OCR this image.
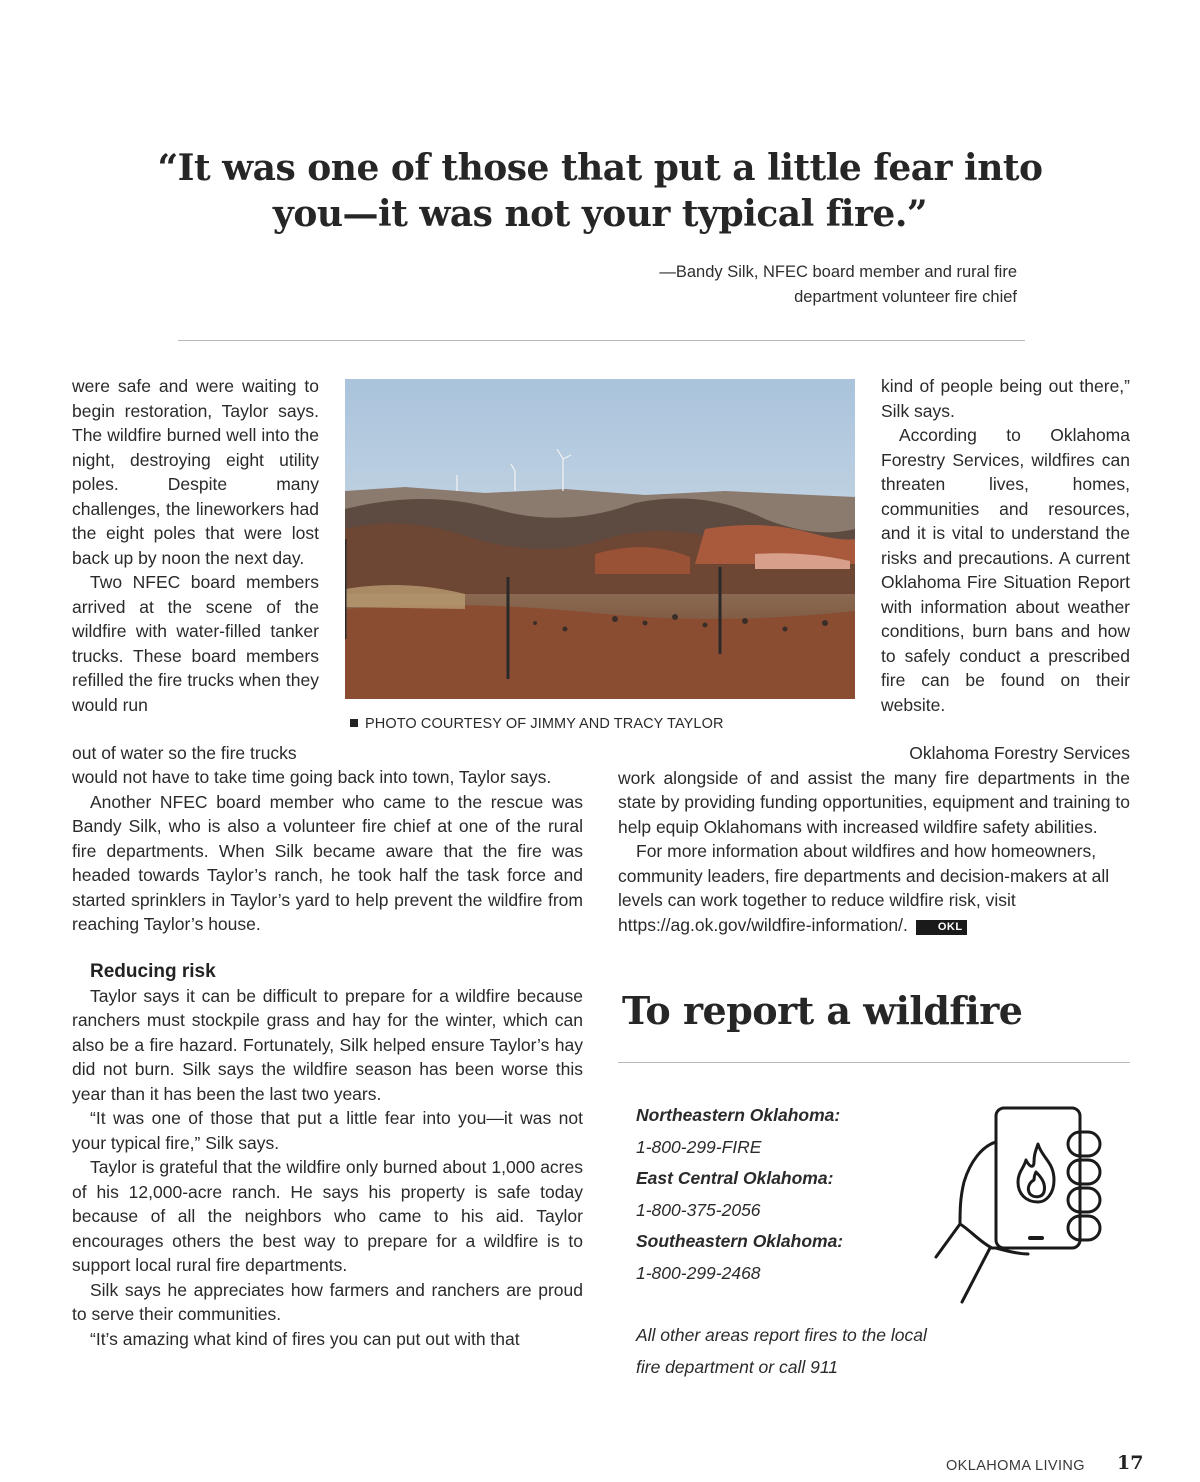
“It was one of those that put a little fear into you—it was not your typical fire.”
—Bandy Silk, NFEC board member and rural fire
department volunteer fire chief

were safe and were waiting to begin restoration, Taylor says. The wildfire burned well into the night, destroying eight utility poles. Despite many challenges, the lineworkers had the eight poles that were lost back up by noon the next day.

Two NFEC board members arrived at the scene of the wildfire with water-filled tanker trucks. These board members refilled the fire trucks when they would run

out of water so the fire trucks

would not have to take time going back into town, Taylor says.

Another NFEC board member who came to the rescue was Bandy Silk, who is also a volunteer fire chief at one of the rural fire departments. When Silk became aware that the fire was headed towards Taylor’s ranch, he took half the task force and started sprinklers in Taylor’s yard to help prevent the wildfire from reaching Taylor’s house.

Reducing risk

Taylor says it can be difficult to prepare for a wildfire because ranchers must stockpile grass and hay for the winter, which can also be a fire hazard. Fortunately, Silk helped ensure Taylor’s hay did not burn. Silk says the wildfire season has been worse this year than it has been the last two years.

“It was one of those that put a little fear into you—it was not your typical fire,” Silk says.

Taylor is grateful that the wildfire only burned about 1,000 acres of his 12,000-acre ranch. He says his property is safe today because of all the neighbors who came to his aid. Taylor encourages others the best way to prepare for a wildfire is to support local rural fire departments.

Silk says he appreciates how farmers and ranchers are proud to serve their communities.

“It’s amazing what kind of fires you can put out with that

PHOTO COURTESY OF JIMMY AND TRACY TAYLOR

kind of people being out there,” Silk says.

According to Oklahoma Forestry Services, wildfires can threaten lives, homes, communities and resources, and it is vital to understand the risks and precautions. A current Oklahoma Fire Situation Report with information about weather conditions, burn bans and how to safely conduct a prescribed fire can be found on their website.

Oklahoma Forestry Services

work alongside of and assist the many fire departments in the state by providing funding opportunities, equipment and training to help equip Oklahomans with increased wildfire safety abilities.

For more information about wildfires and how homeowners, community leaders, fire departments and decision-makers at all levels can work together to reduce wildfire risk, visit https://ag.ok.gov/wildfire-information/.	OKL

To report a wildfire
Northeastern Oklahoma:
1-800-299-FIRE
East Central Oklahoma:
1-800-375-2056
Southeastern Oklahoma:
1-800-299-2468
All other areas report fires to the local
fire department or call 911
OKLAHOMA LIVING 17
